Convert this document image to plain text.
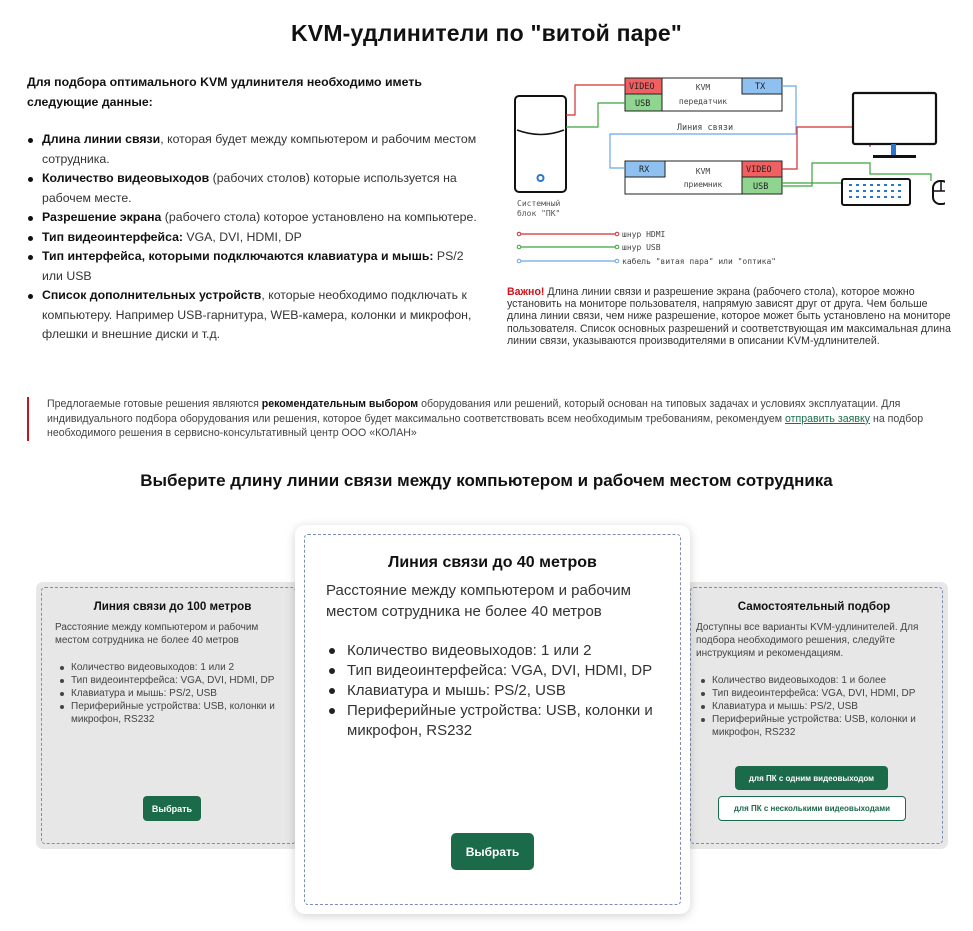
KVM-удлинители по "витой паре"
Для подбора оптимального KVM удлинителя необходимо иметь следующие данные:
Длина линии связи, которая будет между компьютером и рабочим местом сотрудника.
Количество видеовыходов (рабочих столов) которые используется на рабочем месте.
Разрешение экрана (рабочего стола) которое установлено на компьютере.
Тип видеоинтерфейса: VGA, DVI, HDMI, DP
Тип интерфейса, которыми подключаются клавиатура и мышь: PS/2 или USB
Список дополнительных устройств, которые необходимо подключать к компьютеру. Например USB-гарнитура, WEB-камера, колонки и микрофон, флешки и внешние диски и т.д.
Системный
блок "ПК"
VIDEO
USB
KVM
передатчик
TX
RX	KVM
приемник
VIDEO
USB
Линия связи
шнур HDMI
шнур USB
кабель "витая пара" или "оптика"
Важно! Длина линии связи и разрешение экрана (рабочего стола), которое можно установить на мониторе пользователя, напрямую зависят друг от друга. Чем больше длина линии связи, чем ниже разрешение, которое может быть установлено на мониторе пользователя. Список основных разрешений и соответствующая им максимальная длина линии связи, указываются производителями в описании KVM-удлинителей.
Предлогаемые готовые решения являются рекомендательным выбором оборудования или решений, который основан на типовых задачах и условиях эксплуатации. Для индивидуального подбора оборудования или решения, которое будет максимально соответствовать всем необходимым требованиям, рекомендуем отправить заявку на подбор необходимого решения в сервисно-консультативный центр ООО «КОЛАН»
Выберите длину линии связи между компьютером и рабочем местом сотрудника
Линия связи до 100 метров
Расстояние между компьютером и рабочим местом сотрудника не более 40 метров
Количество видеовыходов: 1 или 2
Тип видеоинтерфейса: VGA, DVI, HDMI, DP
Клавиатура и мышь: PS/2, USB
Периферийные устройства: USB, колонки и микрофон, RS232
Выбрать
Самостоятельный подбор
Доступны все варианты KVM-удлинителей. Для подбора необходимого решения, следуйте инструкциям и рекомендациям.
Количество видеовыходов: 1 и более
Тип видеоинтерфейса: VGA, DVI, HDMI, DP
Клавиатура и мышь: PS/2, USB
Периферийные устройства: USB, колонки и микрофон, RS232
для ПК с одним видеовыходом
для ПК с несколькими видеовыходами
Линия связи до 40 метров
Расстояние между компьютером и рабочим местом сотрудника не более 40 метров
Количество видеовыходов: 1 или 2
Тип видеоинтерфейса: VGA, DVI, HDMI, DP
Клавиатура и мышь: PS/2, USB
Периферийные устройства: USB, колонки и микрофон, RS232
Выбрать
